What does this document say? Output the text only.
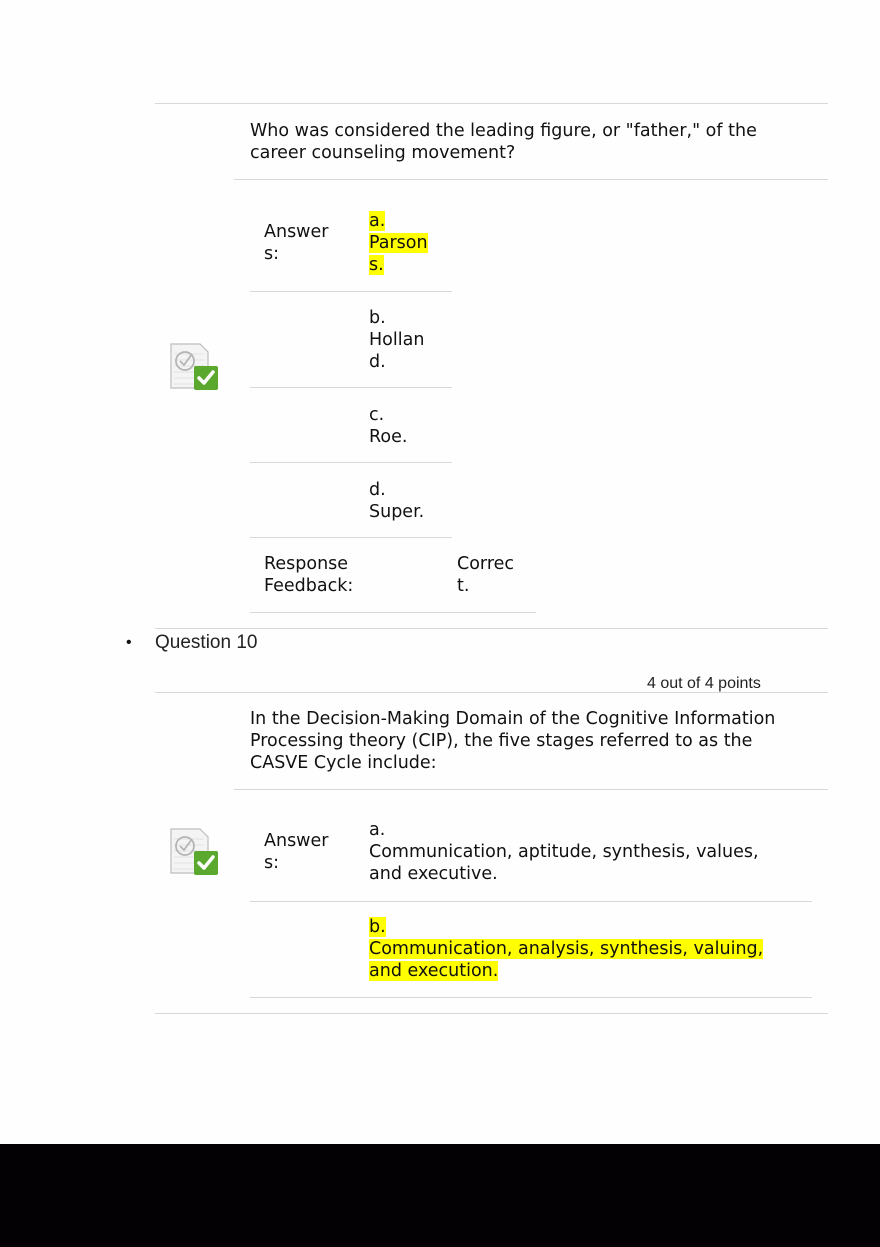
Who was considered the leading figure, or "father," of the
career counseling movement?
Answer
s:
a.
Parson
s.
b.
Hollan
d.
c.
Roe.
d.
Super.
Response
Feedback:
Correc
t.
• Question 10
4 out of 4 points
In the Decision-Making Domain of the Cognitive Information
Processing theory (CIP), the five stages referred to as the
CASVE Cycle include:
Answer
s:
a.
Communication, aptitude, synthesis, values,
and executive.
b.
Communication, analysis, synthesis, valuing,
and execution.
